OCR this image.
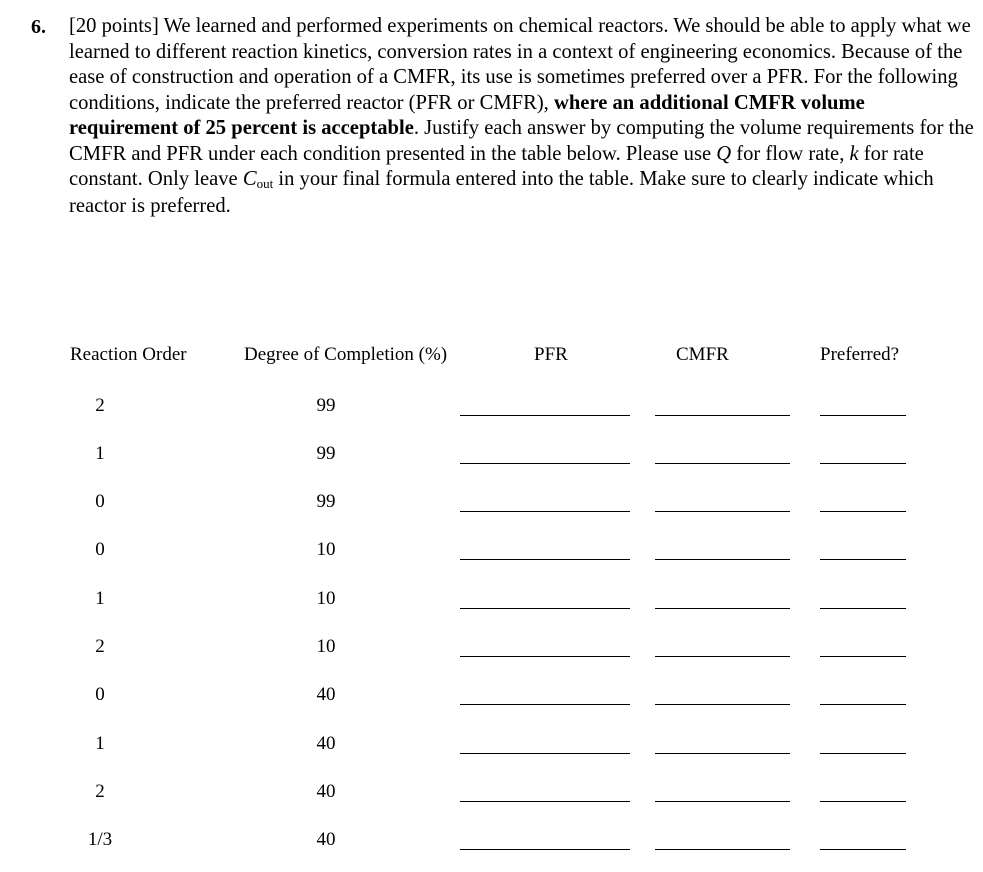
6. [20 points] We learned and performed experiments on chemical reactors. We should be able to apply what we learned to different reaction kinetics, conversion rates in a context of engineering economics. Because of the ease of construction and operation of a CMFR, its use is sometimes preferred over a PFR. For the following conditions, indicate the preferred reactor (PFR or CMFR), where an additional CMFR volume requirement of 25 percent is acceptable. Justify each answer by computing the volume requirements for the CMFR and PFR under each condition presented in the table below. Please use Q for flow rate, k for rate constant. Only leave Cout in your final formula entered into the table. Make sure to clearly indicate which reactor is preferred.
Reaction Order	Degree of Completion (%)	PFR	CMFR	Preferred?
2	99
1	99
0	99
0	10
1	10
2	10
0	40
1	40
2	40
1/3	40
